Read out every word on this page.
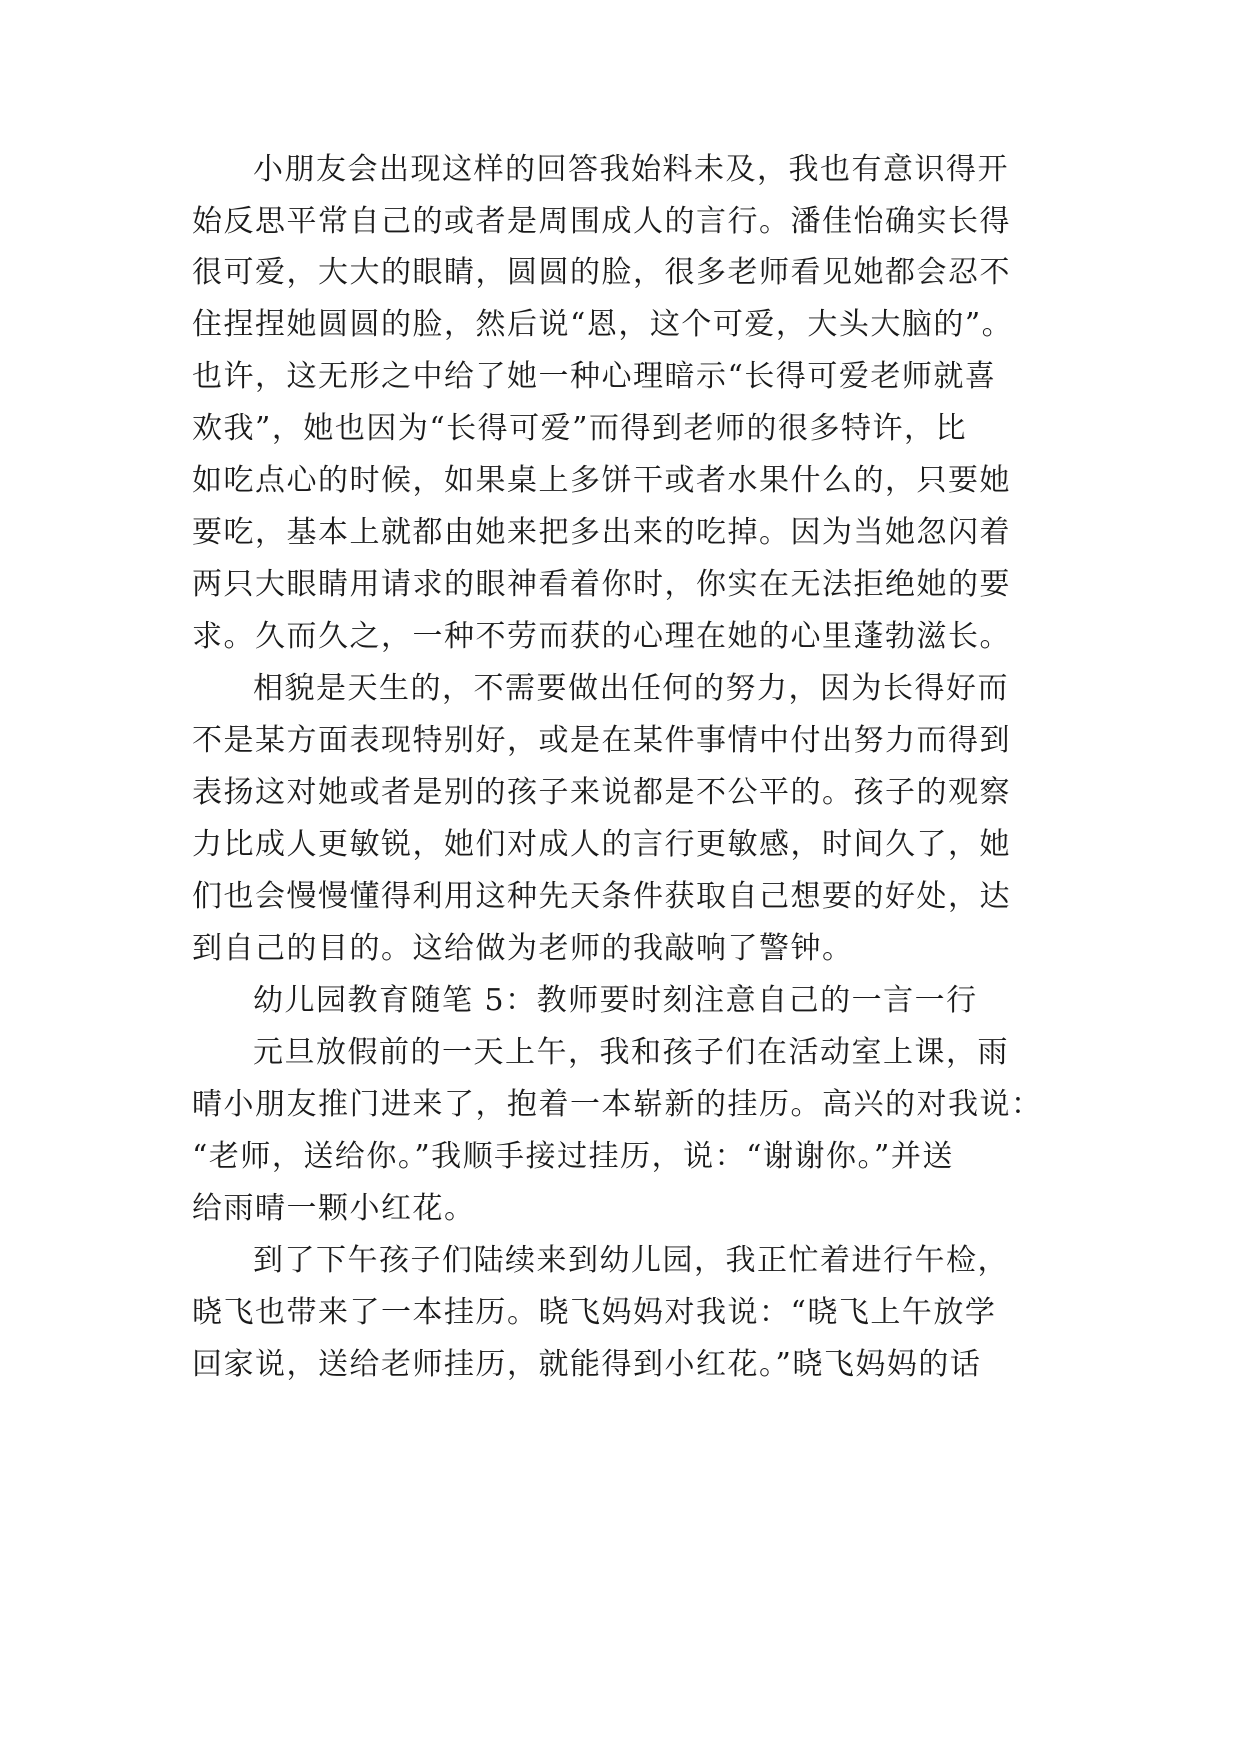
小朋友会出现这样的回答我始料未及，我也有意识得开
始反思平常自己的或者是周围成人的言行。潘佳怡确实长得
很可爱，大大的眼睛，圆圆的脸，很多老师看见她都会忍不
住捏捏她圆圆的脸，然后说“恩，这个可爱，大头大脑的”。
也许，这无形之中给了她一种心理暗示“长得可爱老师就喜
欢我”，她也因为“长得可爱”而得到老师的很多特许，比
如吃点心的时候，如果桌上多饼干或者水果什么的，只要她
要吃，基本上就都由她来把多出来的吃掉。因为当她忽闪着
两只大眼睛用请求的眼神看着你时，你实在无法拒绝她的要
求。久而久之，一种不劳而获的心理在她的心里蓬勃滋长。
相貌是天生的，不需要做出任何的努力，因为长得好而
不是某方面表现特别好，或是在某件事情中付出努力而得到
表扬这对她或者是别的孩子来说都是不公平的。孩子的观察
力比成人更敏锐，她们对成人的言行更敏感，时间久了，她
们也会慢慢懂得利用这种先天条件获取自己想要的好处，达
到自己的目的。这给做为老师的我敲响了警钟。
幼儿园教育随笔 5：教师要时刻注意自己的一言一行
元旦放假前的一天上午，我和孩子们在活动室上课，雨
晴小朋友推门进来了，抱着一本崭新的挂历。高兴的对我说：
“老师，送给你。”我顺手接过挂历，说：“谢谢你。”并送
给雨晴一颗小红花。
到了下午孩子们陆续来到幼儿园，我正忙着进行午检，
晓飞也带来了一本挂历。晓飞妈妈对我说：“晓飞上午放学
回家说，送给老师挂历，就能得到小红花。”晓飞妈妈的话
